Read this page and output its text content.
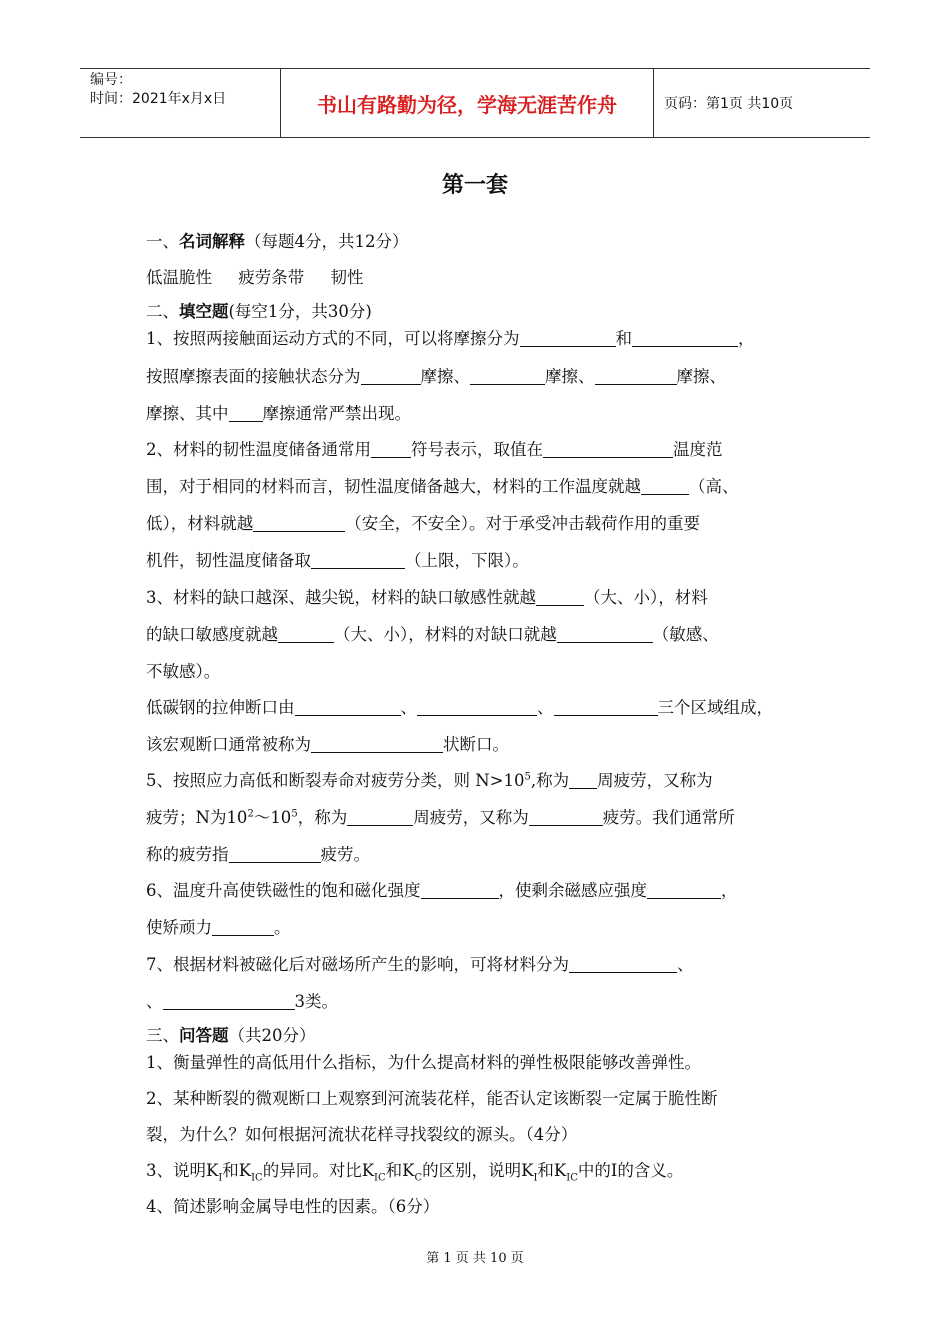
编号：
时间：2021年x月x日	书山有路勤为径，学海无涯苦作舟	页码：第1页 共10页
第一套
一、名词解释（每题4分，共12分）
低温脆性     疲劳条带     韧性
二、填空题(每空1分，共30分)
1、按照两接触面运动方式的不同，可以将摩擦分为	和	，
按照摩擦表面的接触状态分为	摩擦、	摩擦、	摩擦、
摩擦、其中 摩擦通常严禁出现。
2、材料的韧性温度储备通常用 符号表示，取值在	温度范
围，对于相同的材料而言，韧性温度储备越大，材料的工作温度就越	（高、
低），材料就越	（安全，不安全）。对于承受冲击载荷作用的重要
机件，韧性温度储备取	（上限，下限）。
3、材料的缺口越深、越尖锐，材料的缺口敏感性就越	（大、小），材料
的缺口敏感度就越	（大、小），材料的对缺口就越	（敏感、
不敏感）。
低碳钢的拉伸断口由	、	、	三个区域组成，
该宏观断口通常被称为	状断口。
5、按照应力高低和断裂寿命对疲劳分类，则 $N>10^5$,称为 周疲劳，又称为
疲劳；N为$10^2\sim 10^5$，称为	周疲劳，又称为	疲劳。我们通常所
称的疲劳指	疲劳。
6、温度升高使铁磁性的饱和磁化强度	，使剩余磁感应强度	，
使矫顽力	。
7、根据材料被磁化后对磁场所产生的影响，可将材料分为	、
、	3类。
三、问答题（共20分）
1、衡量弹性的高低用什么指标，为什么提高材料的弹性极限能够改善弹性。
2、某种断裂的微观断口上观察到河流装花样，能否认定该断裂一定属于脆性断
裂，为什么？如何根据河流状花样寻找裂纹的源头。（4分）
3、说明$K_I$和$K_{IC}$的异同。对比$K_{IC}$和$K_C$的区别，说明$K_I$和$K_{IC}$中的I的含义。
4、简述影响金属导电性的因素。（6分）
第 1 页 共 10 页
